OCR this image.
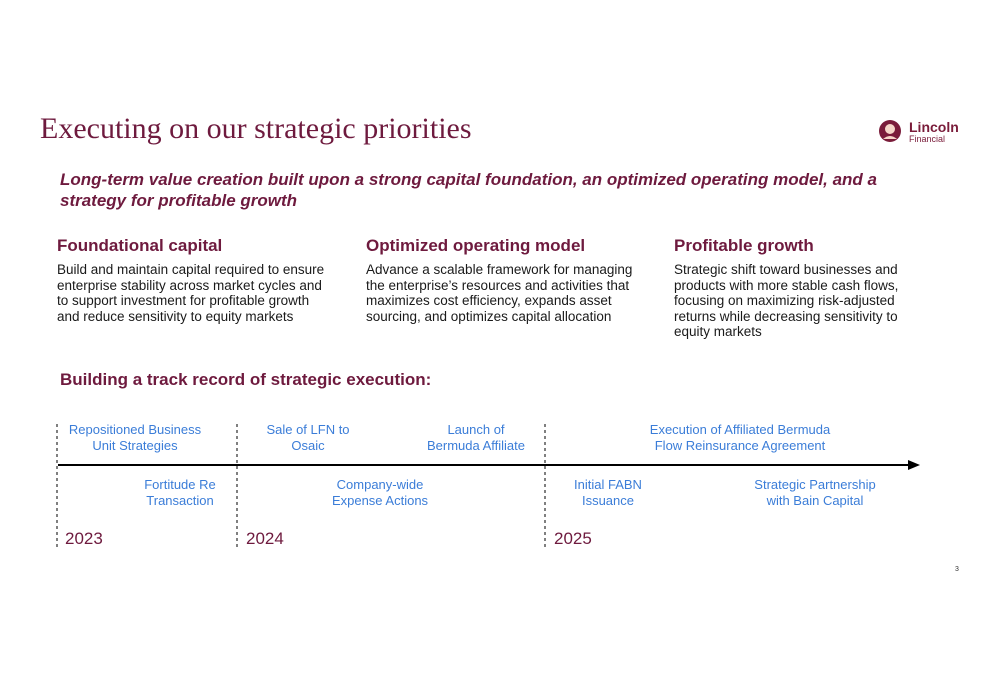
Executing on our strategic priorities	Lincoln
Financial
Long-term value creation built upon a strong capital foundation, an optimized operating model, and a strategy for profitable growth
Foundational capital
Build and maintain capital required to ensure enterprise stability across market cycles and to support investment for profitable growth and reduce sensitivity to equity markets
Optimized operating model
Advance a scalable framework for managing the enterprise’s resources and activities that maximizes cost efficiency, expands asset sourcing, and optimizes capital allocation
Profitable growth
Strategic shift toward businesses and products with more stable cash flows, focusing on maximizing risk-adjusted returns while decreasing sensitivity to equity markets
Building a track record of strategic execution:
Repositioned Business
Unit Strategies
Sale of LFN to
Osaic
Launch of
Bermuda Affiliate
Execution of Affiliated Bermuda
Flow Reinsurance Agreement
Fortitude Re
Transaction
Company-wide
Expense Actions
Initial FABN
Issuance
Strategic Partnership
with Bain Capital
2023	2024	2025
3
